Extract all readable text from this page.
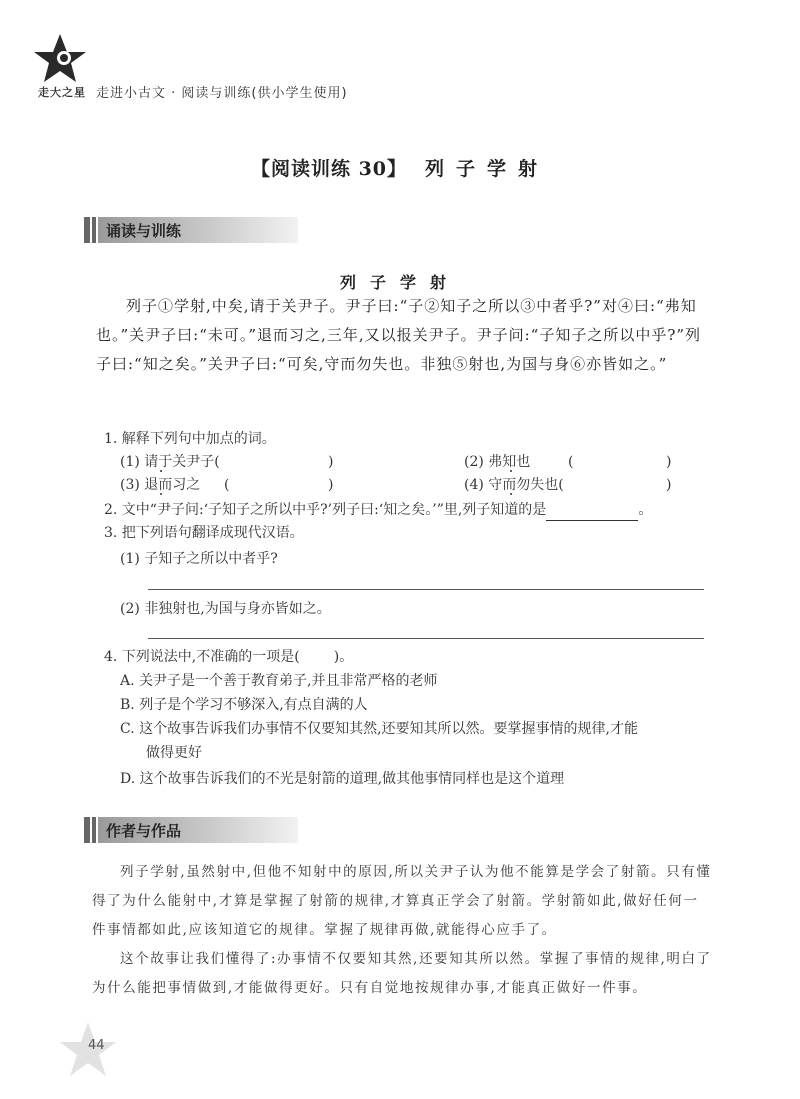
走大之星 走进小古文 · 阅读与训练(供小学生使用)
【阅读训练 30】 列子学射
诵读与训练
列子学射
列子①学射,中矣,请于关尹子。尹子曰:“子②知子之所以③中者乎?”对④曰:“弗知也。”关尹子曰:“未可。”退而习之,三年,又以报关尹子。尹子问:“子知子之所以中乎?”列子曰:“知之矣。”关尹子曰:“可矣,守而勿失也。非独⑤射也,为国与身⑥亦皆如之。”
1. 解释下列句中加点的词。
(1) 请于关尹子(	)	(2) 弗知也	(	)
(3) 退而习之 (	)	(4) 守而勿失也(	)
2. 文中“尹子问:‘子知子之所以中乎?’列子曰:‘知之矣。’”里,列子知道的是	。
3. 把下列语句翻译成现代汉语。
(1) 子知子之所以中者乎?
(2) 非独射也,为国与身亦皆如之。
4. 下列说法中,不准确的一项是( )。
A. 关尹子是一个善于教育弟子,并且非常严格的老师
B. 列子是个学习不够深入,有点自满的人
C. 这个故事告诉我们办事情不仅要知其然,还要知其所以然。要掌握事情的规律,才能
做得更好
D. 这个故事告诉我们的不光是射箭的道理,做其他事情同样也是这个道理
作者与作品
列子学射,虽然射中,但他不知射中的原因,所以关尹子认为他不能算是学会了射箭。只有懂得了为什么能射中,才算是掌握了射箭的规律,才算真正学会了射箭。学射箭如此,做好任何一件事情都如此,应该知道它的规律。掌握了规律再做,就能得心应手了。
这个故事让我们懂得了:办事情不仅要知其然,还要知其所以然。掌握了事情的规律,明白了为什么能把事情做到,才能做得更好。只有自觉地按规律办事,才能真正做好一件事。
44
